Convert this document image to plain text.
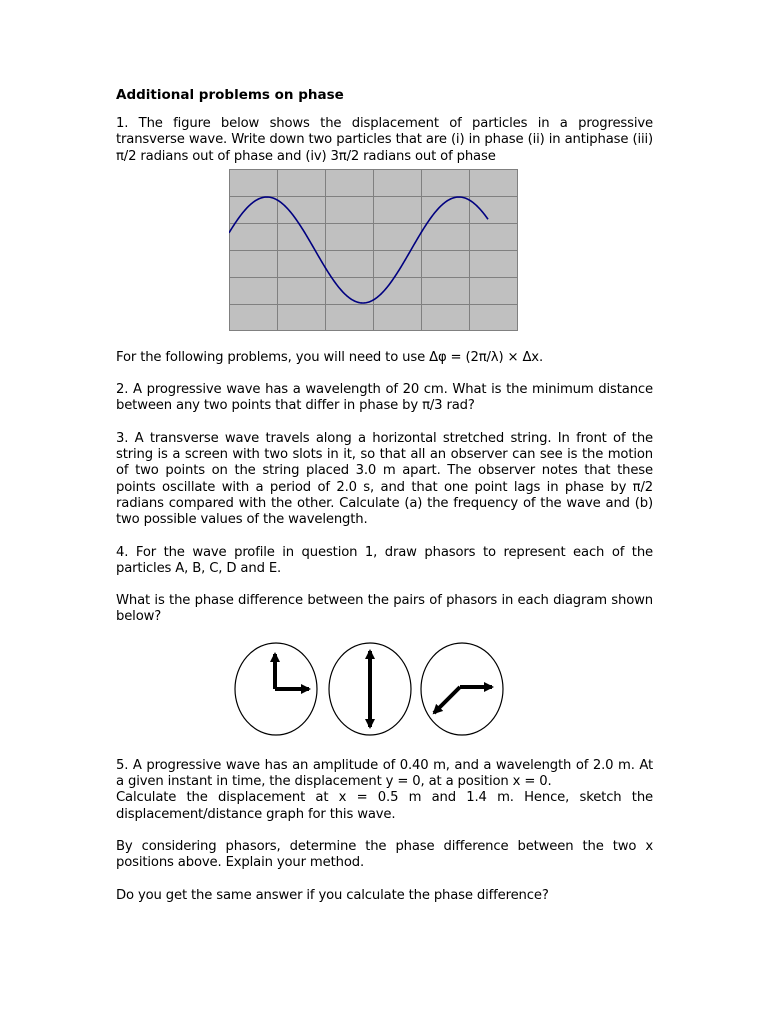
Additional problems on phase

1. The figure below shows the displacement of particles in a progressive transverse wave. Write down two particles that are (i) in phase (ii) in antiphase (iii) π/2 radians out of phase and (iv) 3π/2 radians out of phase

For the following problems, you will need to use Δφ = (2π/λ) × Δx.

2. A progressive wave has a wavelength of 20 cm. What is the minimum distance between any two points that differ in phase by π/3 rad?

3. A transverse wave travels along a horizontal stretched string. In front of the string is a screen with two slots in it, so that all an observer can see is the motion of two points on the string placed 3.0 m apart. The observer notes that these points oscillate with a period of 2.0 s, and that one point lags in phase by π/2 radians compared with the other. Calculate (a) the frequency of the wave and (b) two possible values of the wavelength.

4. For the wave profile in question 1, draw phasors to represent each of the particles A, B, C, D and E.

What is the phase difference between the pairs of phasors in each diagram shown below?

5. A progressive wave has an amplitude of 0.40 m, and a wavelength of 2.0 m. At a given instant in time, the displacement y = 0, at a position x = 0.

Calculate the displacement at x = 0.5 m and 1.4 m. Hence, sketch the displacement/distance graph for this wave.

By considering phasors, determine the phase difference between the two x positions above. Explain your method.

Do you get the same answer if you calculate the phase difference?
